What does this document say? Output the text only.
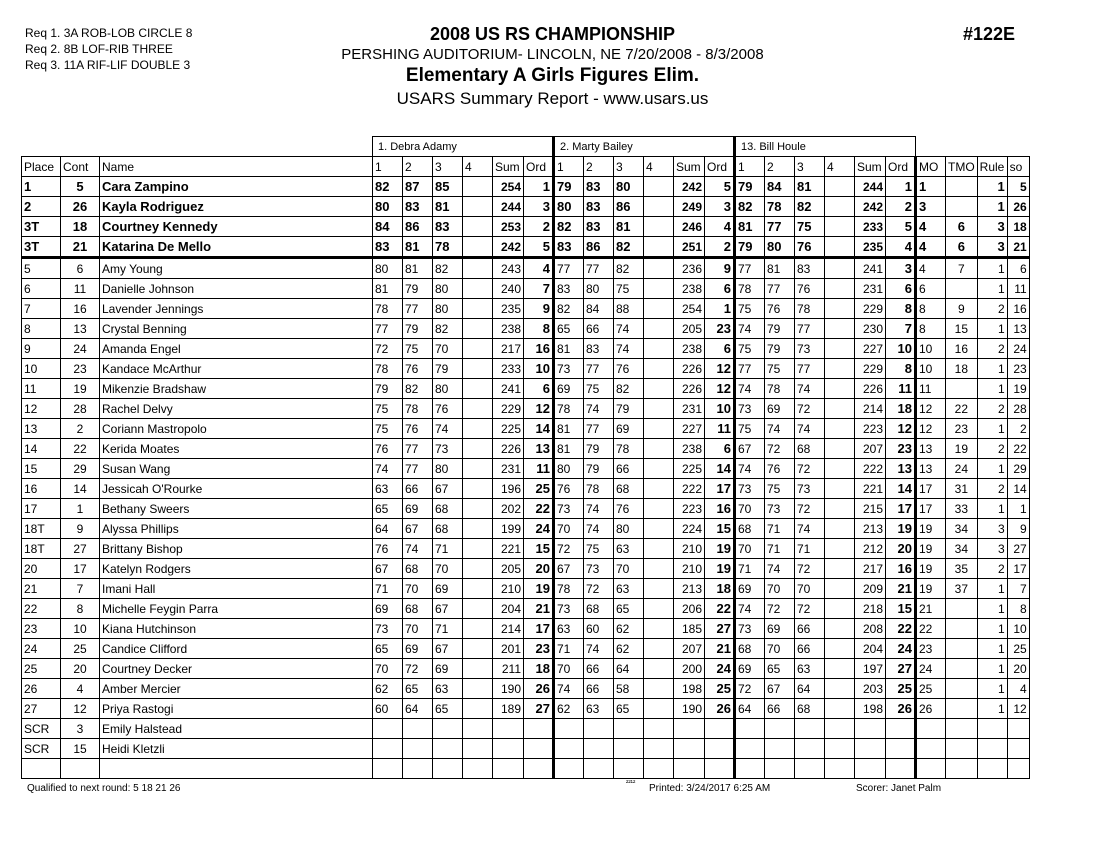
Req 1. 3A ROB-LOB CIRCLE 8
Req 2. 8B LOF-RIB THREE
Req 3. 11A RIF-LIF DOUBLE 3
2008 US RS CHAMPIONSHIP
PERSHING AUDITORIUM- LINCOLN, NE 7/20/2008 - 8/3/2008
Elementary A Girls Figures Elim.
USARS Summary Report - www.usars.us
#122E
			1. Debra Adamy						2. Marty Bailey						13. Bill Houle									
Place	Cont	Name	1	2	3	4	Sum	Ord	1	2	3	4	Sum	Ord	1	2	3	4	Sum	Ord	MO	TMO	Rule	so
1	5	Cara Zampino	82	87	85		254	1	79	83	80		242	5	79	84	81		244	1	1		1	5
2	26	Kayla Rodriguez	80	83	81		244	3	80	83	86		249	3	82	78	82		242	2	3		1	26
3T	18	Courtney Kennedy	84	86	83		253	2	82	83	81		246	4	81	77	75		233	5	4	6	3	18
3T	21	Katarina De Mello	83	81	78		242	5	83	86	82		251	2	79	80	76		235	4	4	6	3	21
5	6	Amy Young	80	81	82		243	4	77	77	82		236	9	77	81	83		241	3	4	7	1	6
6	11	Danielle Johnson	81	79	80		240	7	83	80	75		238	6	78	77	76		231	6	6		1	11
7	16	Lavender Jennings	78	77	80		235	9	82	84	88		254	1	75	76	78		229	8	8	9	2	16
8	13	Crystal Benning	77	79	82		238	8	65	66	74		205	23	74	79	77		230	7	8	15	1	13
9	24	Amanda Engel	72	75	70		217	16	81	83	74		238	6	75	79	73		227	10	10	16	2	24
10	23	Kandace McArthur	78	76	79		233	10	73	77	76		226	12	77	75	77		229	8	10	18	1	23
11	19	Mikenzie Bradshaw	79	82	80		241	6	69	75	82		226	12	74	78	74		226	11	11		1	19
12	28	Rachel Delvy	75	78	76		229	12	78	74	79		231	10	73	69	72		214	18	12	22	2	28
13	2	Coriann Mastropolo	75	76	74		225	14	81	77	69		227	11	75	74	74		223	12	12	23	1	2
14	22	Kerida Moates	76	77	73		226	13	81	79	78		238	6	67	72	68		207	23	13	19	2	22
15	29	Susan Wang	74	77	80		231	11	80	79	66		225	14	74	76	72		222	13	13	24	1	29
16	14	Jessicah O'Rourke	63	66	67		196	25	76	78	68		222	17	73	75	73		221	14	17	31	2	14
17	1	Bethany Sweers	65	69	68		202	22	73	74	76		223	16	70	73	72		215	17	17	33	1	1
18T	9	Alyssa Phillips	64	67	68		199	24	70	74	80		224	15	68	71	74		213	19	19	34	3	9
18T	27	Brittany Bishop	76	74	71		221	15	72	75	63		210	19	70	71	71		212	20	19	34	3	27
20	17	Katelyn Rodgers	67	68	70		205	20	67	73	70		210	19	71	74	72		217	16	19	35	2	17
21	7	Imani Hall	71	70	69		210	19	78	72	63		213	18	69	70	70		209	21	19	37	1	7
22	8	Michelle Feygin Parra	69	68	67		204	21	73	68	65		206	22	74	72	72		218	15	21		1	8
23	10	Kiana Hutchinson	73	70	71		214	17	63	60	62		185	27	73	69	66		208	22	22		1	10
24	25	Candice Clifford	65	69	67		201	23	71	74	62		207	21	68	70	66		204	24	23		1	25
25	20	Courtney Decker	70	72	69		211	18	70	66	64		200	24	69	65	63		197	27	24		1	20
26	4	Amber Mercier	62	65	63		190	26	74	66	58		198	25	72	67	64		203	25	25		1	4
27	12	Priya Rastogi	60	64	65		189	27	62	63	65		190	26	64	66	68		198	26	26		1	12
SCR	3	Emily Halstead																						
SCR	15	Heidi Kletzli																						

Qualified to next round: 5 18 21 26	²²¹² Printed: 3/24/2017 6:25 AM	Scorer: Janet Palm
